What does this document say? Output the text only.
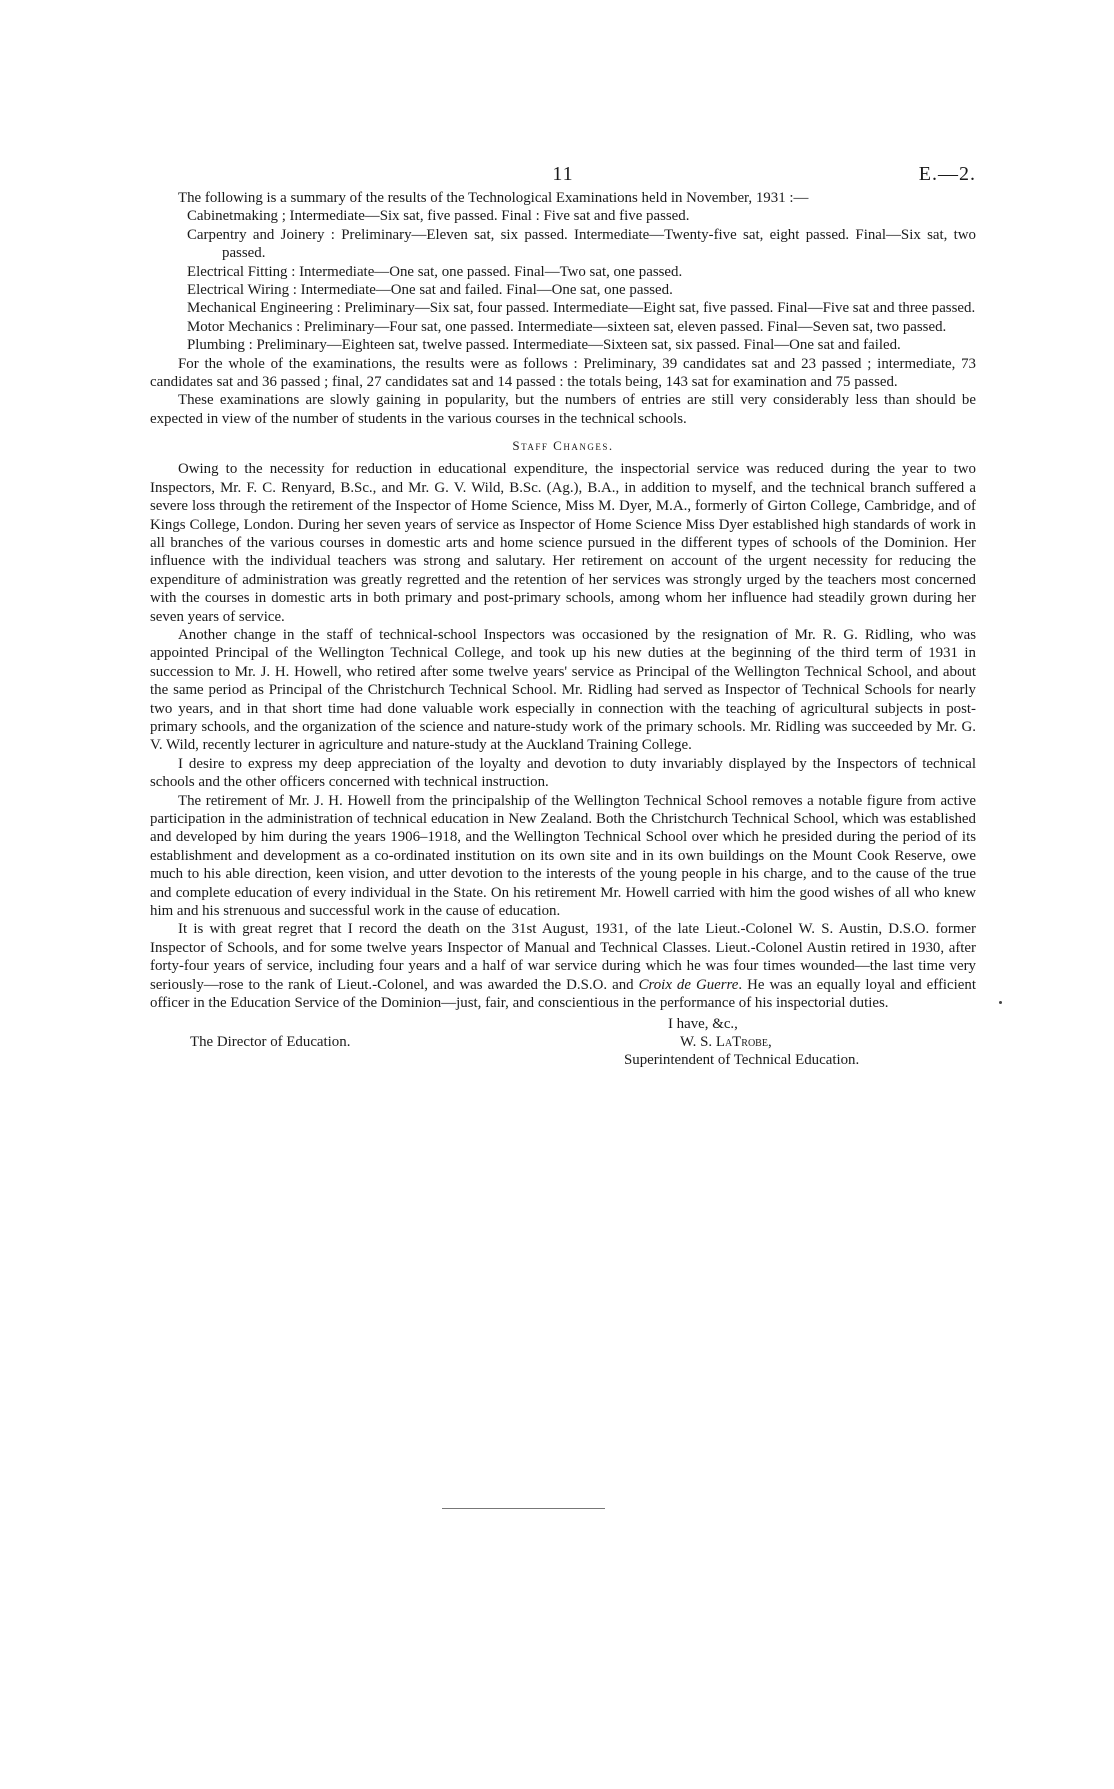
11	E.—2.

The following is a summary of the results of the Technological Examinations held in November, 1931 :—

Cabinetmaking ; Intermediate—Six sat, five passed. Final : Five sat and five passed.

Carpentry and Joinery : Preliminary—Eleven sat, six passed. Intermediate—Twenty-five sat, eight passed. Final—Six sat, two passed.

Electrical Fitting : Intermediate—One sat, one passed. Final—Two sat, one passed.

Electrical Wiring : Intermediate—One sat and failed. Final—One sat, one passed.

Mechanical Engineering : Preliminary—Six sat, four passed. Intermediate—Eight sat, five passed. Final—Five sat and three passed.

Motor Mechanics : Preliminary—Four sat, one passed. Intermediate—sixteen sat, eleven passed. Final—Seven sat, two passed.

Plumbing : Preliminary—Eighteen sat, twelve passed. Intermediate—Sixteen sat, six passed. Final—One sat and failed.

For the whole of the examinations, the results were as follows : Preliminary, 39 candidates sat and 23 passed ; intermediate, 73 candidates sat and 36 passed ; final, 27 candidates sat and 14 passed : the totals being, 143 sat for examination and 75 passed.

These examinations are slowly gaining in popularity, but the numbers of entries are still very considerably less than should be expected in view of the number of students in the various courses in the technical schools.

Staff Changes.

Owing to the necessity for reduction in educational expenditure, the inspectorial service was reduced during the year to two Inspectors, Mr. F. C. Renyard, B.Sc., and Mr. G. V. Wild, B.Sc. (Ag.), B.A., in addition to myself, and the technical branch suffered a severe loss through the retirement of the Inspector of Home Science, Miss M. Dyer, M.A., formerly of Girton College, Cambridge, and of Kings College, London. During her seven years of service as Inspector of Home Science Miss Dyer established high standards of work in all branches of the various courses in domestic arts and home science pursued in the different types of schools of the Dominion. Her influence with the individual teachers was strong and salutary. Her retirement on account of the urgent necessity for reducing the expenditure of administration was greatly regretted and the retention of her services was strongly urged by the teachers most concerned with the courses in domestic arts in both primary and post-primary schools, among whom her influence had steadily grown during her seven years of service.

Another change in the staff of technical-school Inspectors was occasioned by the resignation of Mr. R. G. Ridling, who was appointed Principal of the Wellington Technical College, and took up his new duties at the beginning of the third term of 1931 in succession to Mr. J. H. Howell, who retired after some twelve years' service as Principal of the Wellington Technical School, and about the same period as Principal of the Christchurch Technical School. Mr. Ridling had served as Inspector of Technical Schools for nearly two years, and in that short time had done valuable work especially in connection with the teaching of agricultural subjects in post-primary schools, and the organization of the science and nature-study work of the primary schools. Mr. Ridling was succeeded by Mr. G. V. Wild, recently lecturer in agriculture and nature-study at the Auckland Training College.

I desire to express my deep appreciation of the loyalty and devotion to duty invariably displayed by the Inspectors of technical schools and the other officers concerned with technical instruction.

The retirement of Mr. J. H. Howell from the principalship of the Wellington Technical School removes a notable figure from active participation in the administration of technical education in New Zealand. Both the Christchurch Technical School, which was established and developed by him during the years 1906–1918, and the Wellington Technical School over which he presided during the period of its establishment and development as a co-ordinated institution on its own site and in its own buildings on the Mount Cook Reserve, owe much to his able direction, keen vision, and utter devotion to the interests of the young people in his charge, and to the cause of the true and complete education of every individual in the State. On his retirement Mr. Howell carried with him the good wishes of all who knew him and his strenuous and successful work in the cause of education.

It is with great regret that I record the death on the 31st August, 1931, of the late Lieut.-Colonel W. S. Austin, D.S.O. former Inspector of Schools, and for some twelve years Inspector of Manual and Technical Classes. Lieut.-Colonel Austin retired in 1930, after forty-four years of service, including four years and a half of war service during which he was four times wounded—the last time very seriously—rose to the rank of Lieut.-Colonel, and was awarded the D.S.O. and Croix de Guerre. He was an equally loyal and efficient officer in the Education Service of the Dominion—just, fair, and conscientious in the performance of his inspectorial duties.

I have, &c.,
The Director of Education.	W. S. LaTrobe,
Superintendent of Technical Education.
